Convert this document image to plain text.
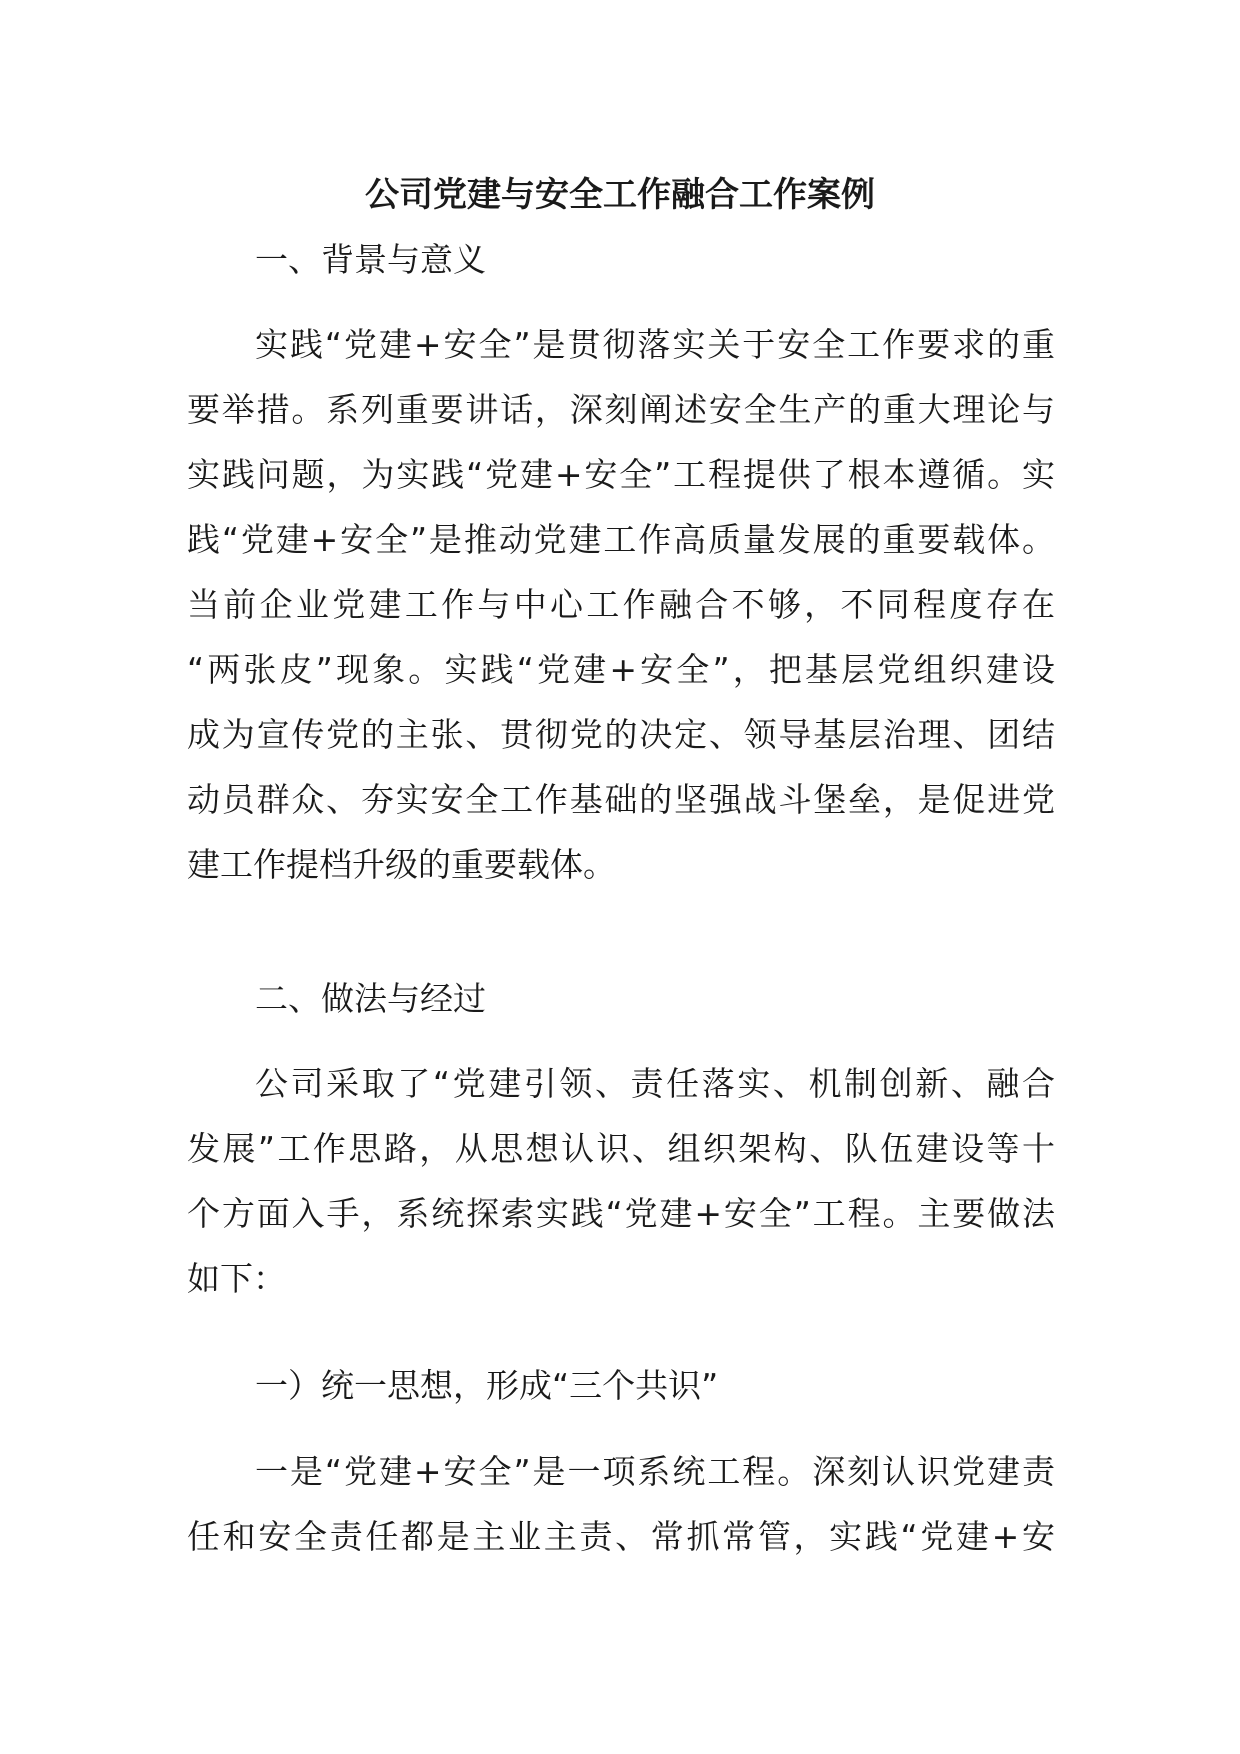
公司党建与安全工作融合工作案例

一、背景与意义

实践“党建+安全”是贯彻落实关于安全工作要求的重
要举措。系列重要讲话，深刻阐述安全生产的重大理论与
实践问题，为实践“党建+安全”工程提供了根本遵循。实
践“党建+安全”是推动党建工作高质量发展的重要载体。
当前企业党建工作与中心工作融合不够，不同程度存在
“两张皮”现象。实践“党建+安全”，把基层党组织建设
成为宣传党的主张、贯彻党的决定、领导基层治理、团结
动员群众、夯实安全工作基础的坚强战斗堡垒，是促进党
建工作提档升级的重要载体。

二、做法与经过

公司采取了“党建引领、责任落实、机制创新、融合
发展”工作思路，从思想认识、组织架构、队伍建设等十
个方面入手，系统探索实践“党建+安全”工程。主要做法
如下：

一）统一思想，形成“三个共识”

一是“党建+安全”是一项系统工程。深刻认识党建责
任和安全责任都是主业主责、常抓常管，实践“党建+安
